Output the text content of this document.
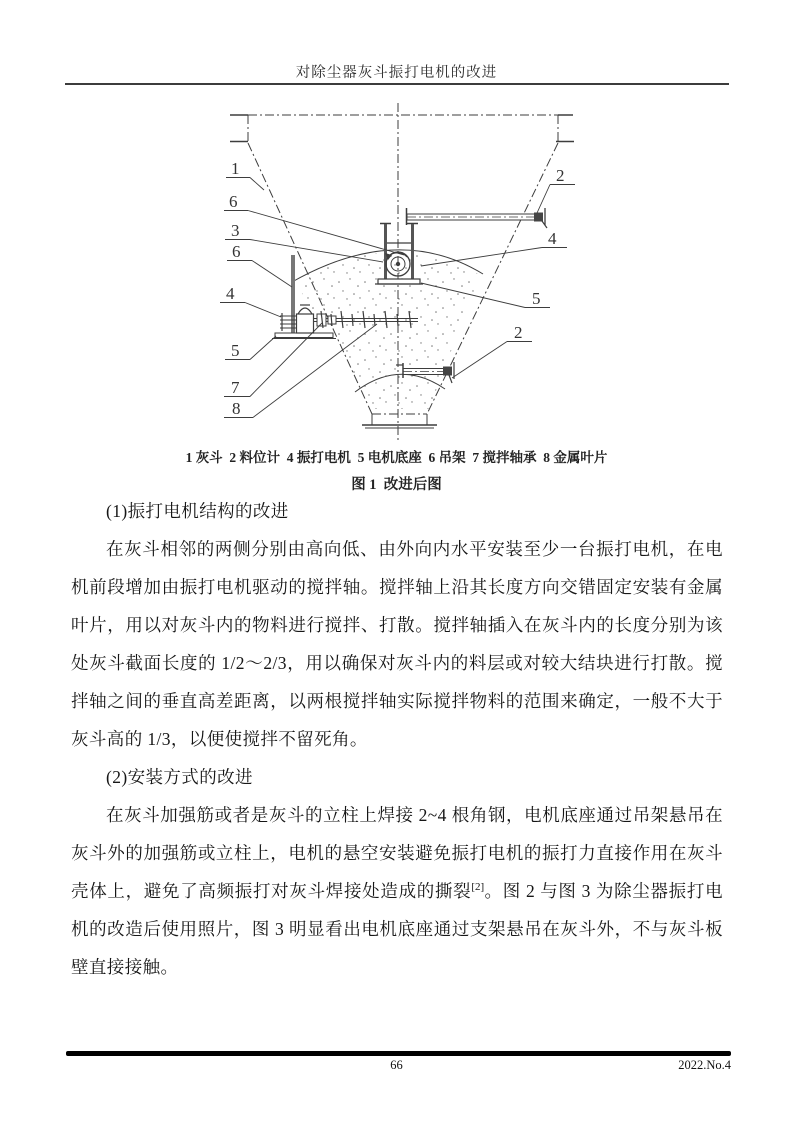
对除尘器灰斗振打电机的改进
1
6
3
6
4
5
7
8
2
4
5
2
1 灰斗  2 料位计  4 振打电机  5 电机底座  6 吊架  7 搅拌轴承  8 金属叶片
图 1  改进后图

(1)振打电机结构的改进

在灰斗相邻的两侧分别由高向低、由外向内水平安装至少一台振打电机，在电机前段增加由振打电机驱动的搅拌轴。搅拌轴上沿其长度方向交错固定安装有金属叶片，用以对灰斗内的物料进行搅拌、打散。搅拌轴插入在灰斗内的长度分别为该处灰斗截面长度的 1/2～2/3，用以确保对灰斗内的料层或对较大结块进行打散。搅拌轴之间的垂直高差距离，以两根搅拌轴实际搅拌物料的范围来确定，一般不大于灰斗高的 1/3，以便使搅拌不留死角。

(2)安装方式的改进

在灰斗加强筋或者是灰斗的立柱上焊接 2~4 根角钢，电机底座通过吊架悬吊在灰斗外的加强筋或立柱上，电机的悬空安装避免振打电机的振打力直接作用在灰斗壳体上，避免了高频振打对灰斗焊接处造成的撕裂[2]。图 2 与图 3 为除尘器振打电机的改造后使用照片，图 3 明显看出电机底座通过支架悬吊在灰斗外，不与灰斗板壁直接接触。

66	2022.No.4
